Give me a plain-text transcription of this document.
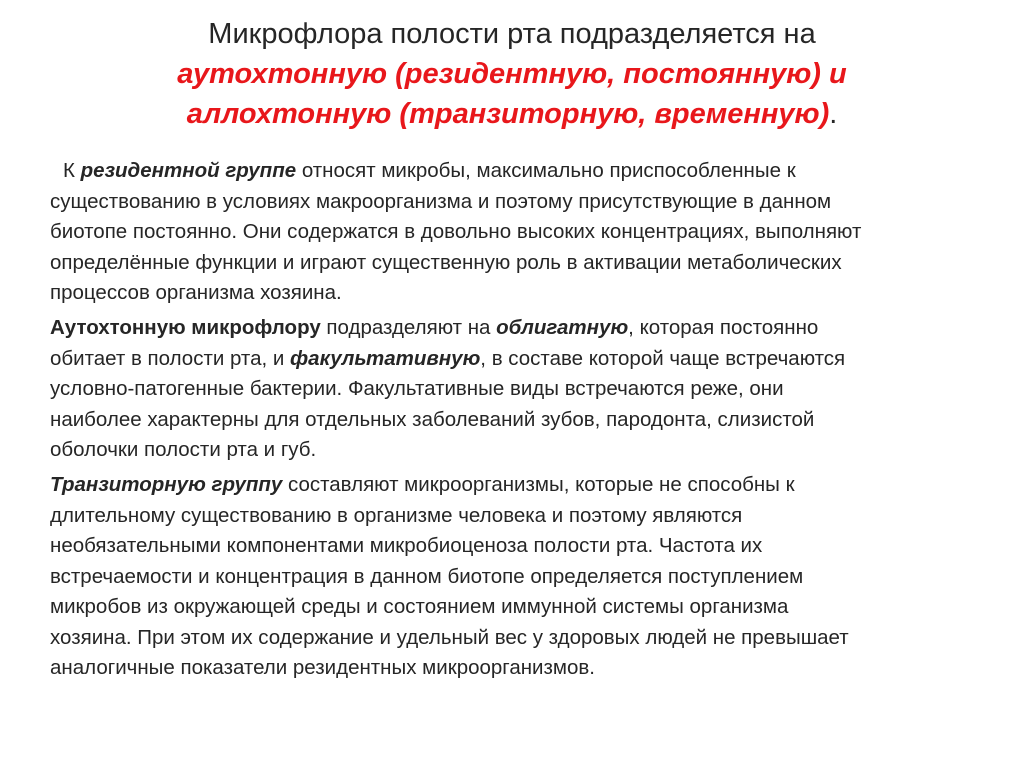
Микрофлора полости рта подразделяется на
аутохтонную (резидентную, постоянную) и
аллохтонную (транзиторную, временную).

К резидентной группе относят микробы, максимально приспособленные к
существованию в условиях макроорганизма и поэтому присутствующие в данном
биотопе постоянно. Они содержатся в довольно высоких концентрациях, выполняют
определённые функции и играют существенную роль в активации метаболических
процессов организма хозяина.

Аутохтонную микрофлору подразделяют на облигатную, которая постоянно
обитает в полости рта, и факультативную, в составе которой чаще встречаются
условно-патогенные бактерии. Факультативные виды встречаются реже, они
наиболее характерны для отдельных заболеваний зубов, пародонта, слизистой
оболочки полости рта и губ.

Транзиторную группу составляют микроорганизмы, которые не способны к
длительному существованию в организме человека и поэтому являются
необязательными компонентами микробиоценоза полости рта. Частота их
встречаемости и концентрация в данном биотопе определяется поступлением
микробов из окружающей среды и состоянием иммунной системы организма
хозяина. При этом их содержание и удельный вес у здоровых людей не превышает
аналогичные показатели резидентных микроорганизмов.
